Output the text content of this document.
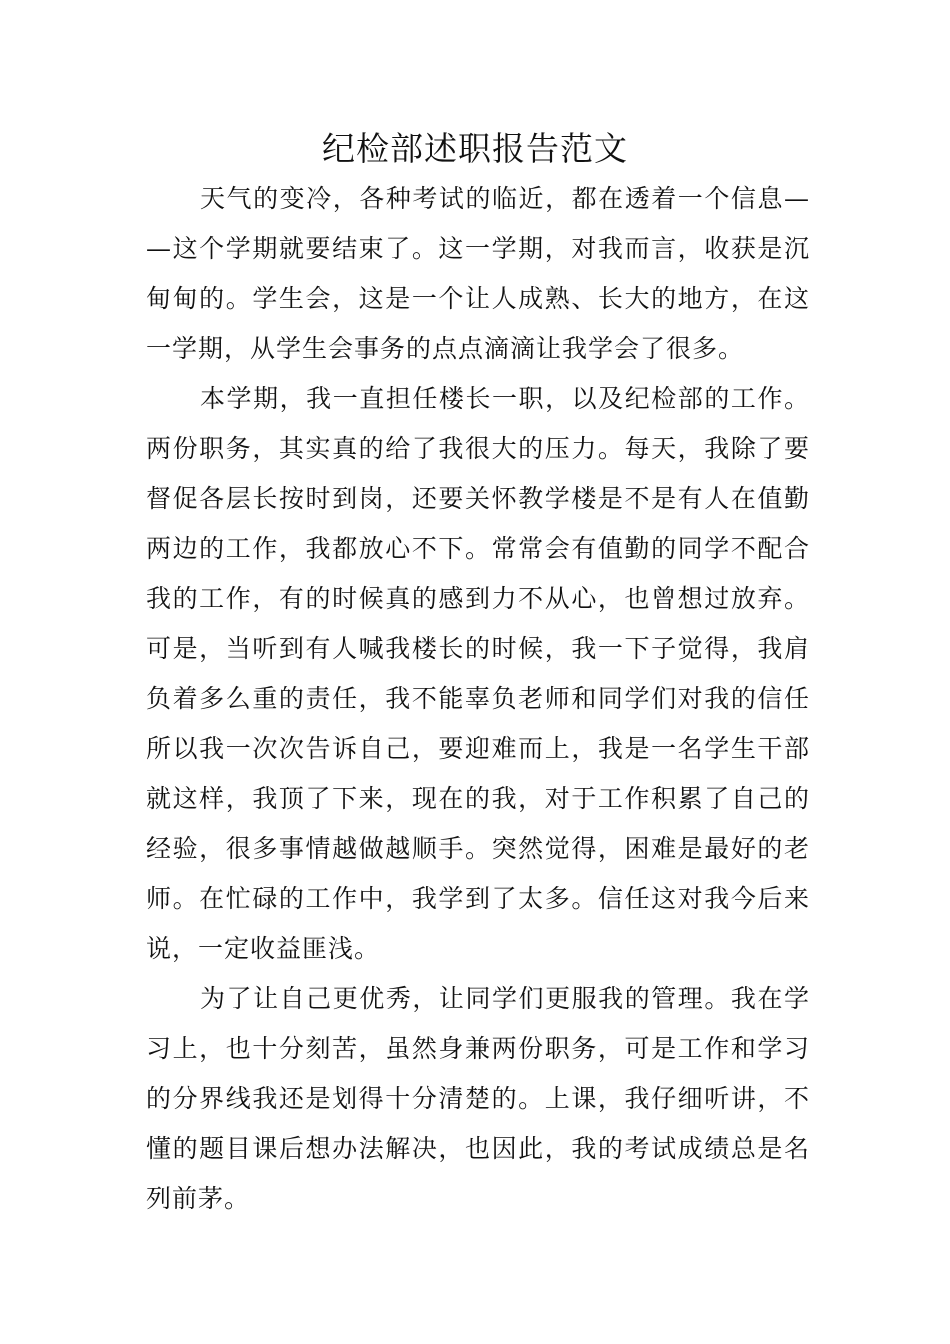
纪检部述职报告范文
天气的变冷，各种考试的临近，都在透着一个信息—
—这个学期就要结束了。这一学期，对我而言，收获是沉
甸甸的。学生会，这是一个让人成熟、长大的地方，在这
一学期，从学生会事务的点点滴滴让我学会了很多。
本学期，我一直担任楼长一职，以及纪检部的工作。
两份职务，其实真的给了我很大的压力。每天，我除了要
督促各层长按时到岗，还要关怀教学楼是不是有人在值勤
两边的工作，我都放心不下。常常会有值勤的同学不配合
我的工作，有的时候真的感到力不从心，也曾想过放弃。
可是，当听到有人喊我楼长的时候，我一下子觉得，我肩
负着多么重的责任，我不能辜负老师和同学们对我的信任
所以我一次次告诉自己，要迎难而上，我是一名学生干部
就这样，我顶了下来，现在的我，对于工作积累了自己的
经验，很多事情越做越顺手。突然觉得，困难是最好的老
师。在忙碌的工作中，我学到了太多。信任这对我今后来
说，一定收益匪浅。
为了让自己更优秀，让同学们更服我的管理。我在学
习上，也十分刻苦，虽然身兼两份职务，可是工作和学习
的分界线我还是划得十分清楚的。上课，我仔细听讲，不
懂的题目课后想办法解决，也因此，我的考试成绩总是名
列前茅。
